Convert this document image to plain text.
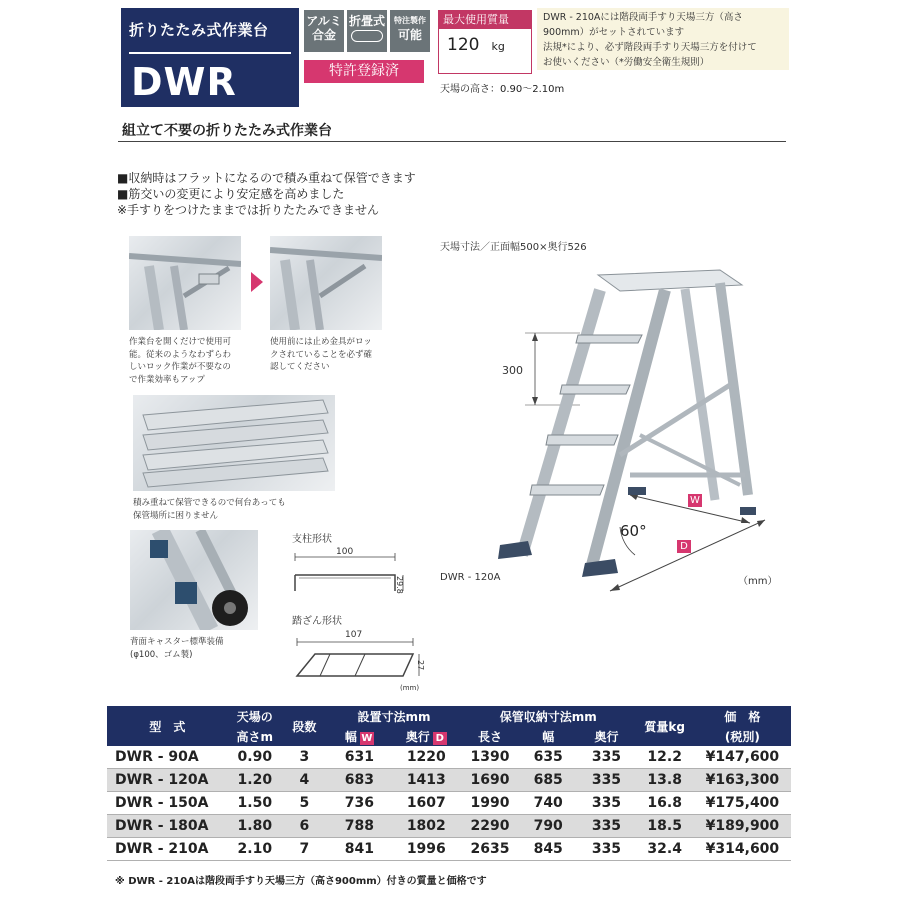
折りたたみ式作業台
DWR
アルミ
合金
折畳式	特注製作
可能
特許登録済
最大使用質量
120 kg
天場の高さ：0.90〜2.10m
DWR - 210Aには階段両手すり天場三方（高さ
900mm）がセットされています
法規*により、必ず階段両手すり天場三方を付けて
お使いください（*労働安全衛生規則）
組立て不要の折りたたみ式作業台
■収納時はフラットになるので積み重ねて保管できます
■筋交いの変更により安定感を高めました
※手すりをつけたままでは折りたたみできません
作業台を開くだけで使用可
能。従来のようなわずらわ
しいロック作業が不要なの
で作業効率もアップ
使用前には止め金具がロッ
クされていることを必ず確
認してください
積み重ねて保管できるので何台あっても
保管場所に困りません
背面キャスター標準装備
(φ100、ゴム製)
支柱形状
100
29.8
踏ざん形状
107
27
(mm)
天場寸法／正面幅500×奥行526
300
60°
W
D
DWR - 120A	（mm）
型　式	天場の	段数	設置寸法mm		保管収納寸法mm			質量kg	価　格
	高さm		幅 W	奥行 D	長さ	幅	奥行		(税別)
DWR - 90A	0.90	3	631	1220	1390	635	335	12.2	¥147,600
DWR - 120A	1.20	4	683	1413	1690	685	335	13.8	¥163,300
DWR - 150A	1.50	5	736	1607	1990	740	335	16.8	¥175,400
DWR - 180A	1.80	6	788	1802	2290	790	335	18.5	¥189,900
DWR - 210A	2.10	7	841	1996	2635	845	335	32.4	¥314,600
※ DWR - 210Aは階段両手すり天場三方（高さ900mm）付きの質量と価格です
